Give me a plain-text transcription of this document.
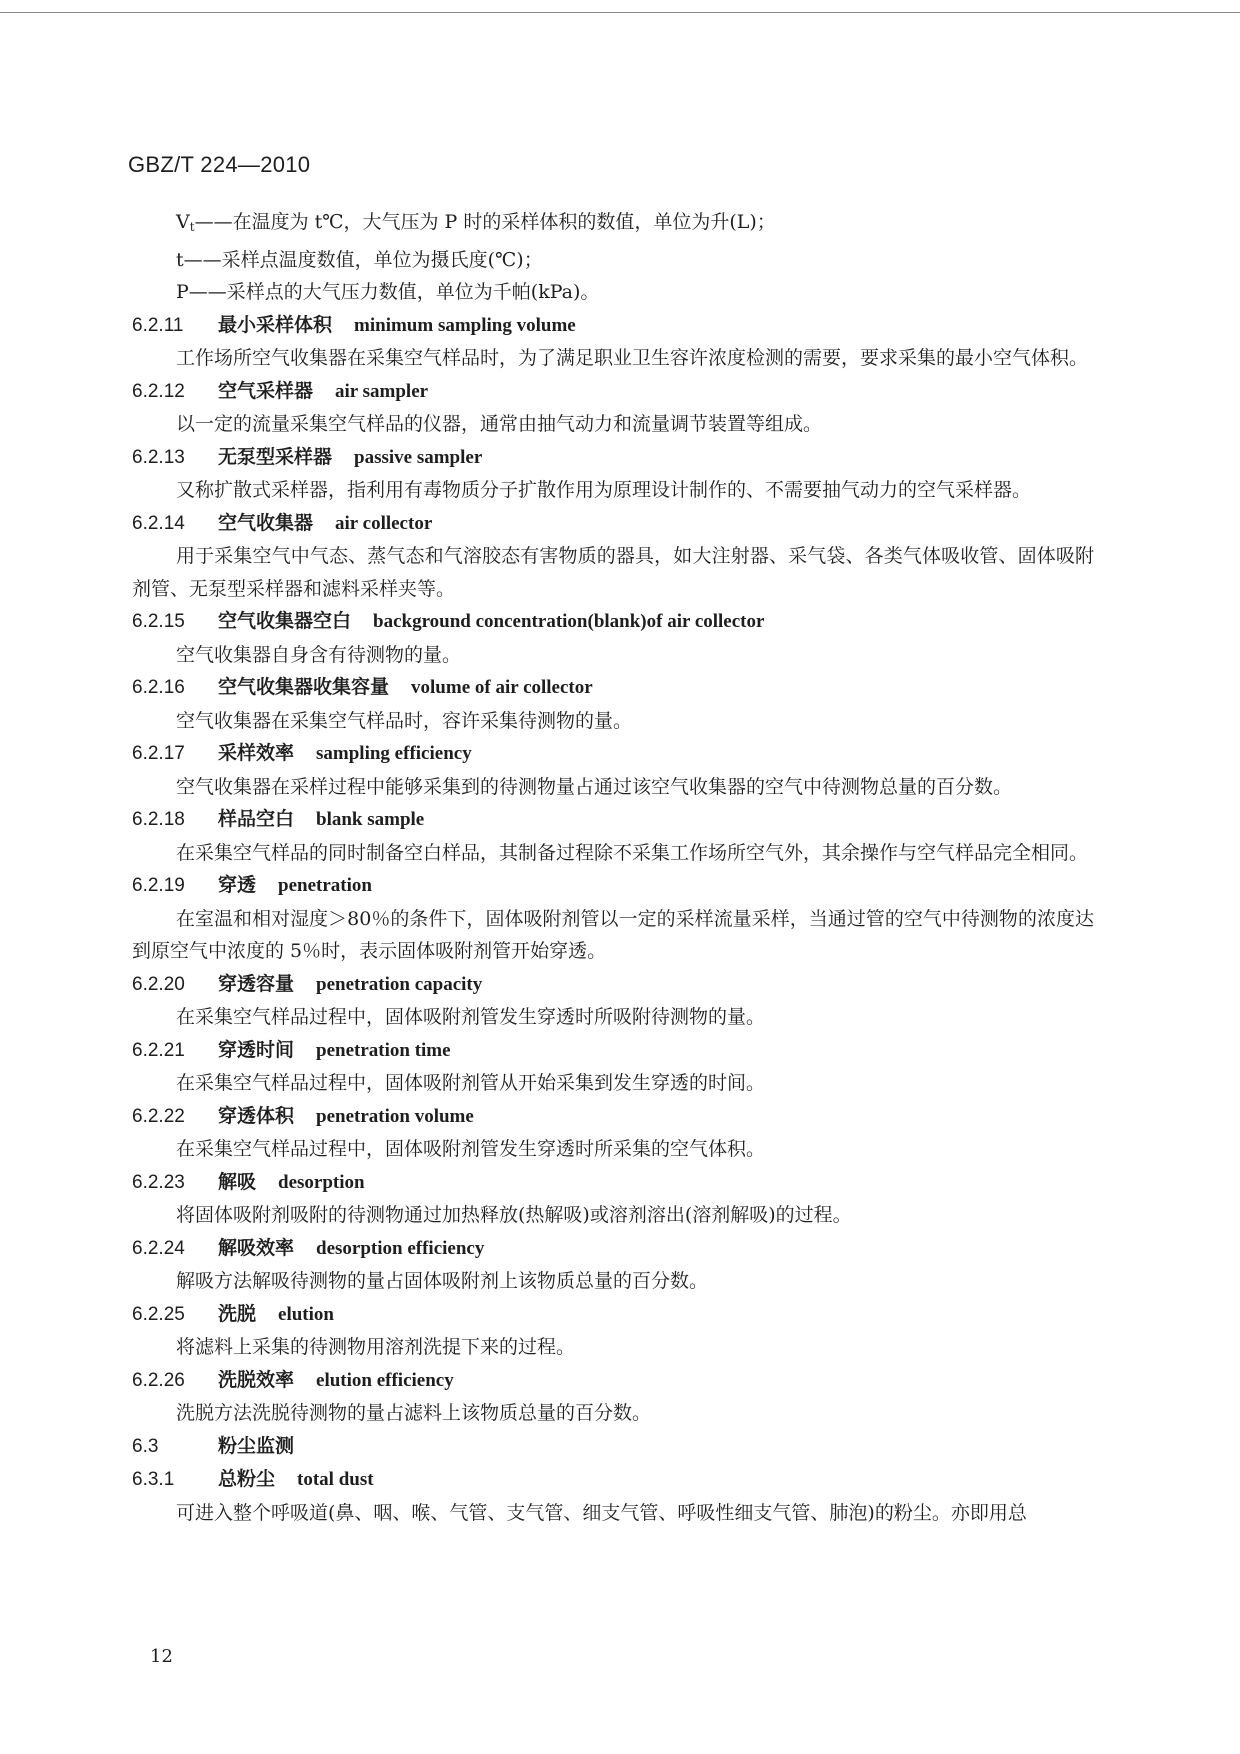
GBZ/T 224—2010
$V_t——$在温度为 t℃，大气压为 P 时的采样体积的数值，单位为升(L)；
t——采样点温度数值，单位为摄氏度(℃)；
P——采样点的大气压力数值，单位为千帕(kPa)。
6.2.11 最小采样体积 minimum sampling volume
工作场所空气收集器在采集空气样品时，为了满足职业卫生容许浓度检测的需要，要求采集的最小空气体积。
6.2.12 空气采样器 air sampler
以一定的流量采集空气样品的仪器，通常由抽气动力和流量调节装置等组成。
6.2.13 无泵型采样器 passive sampler
又称扩散式采样器，指利用有毒物质分子扩散作用为原理设计制作的、不需要抽气动力的空气采样器。
6.2.14 空气收集器 air collector
用于采集空气中气态、蒸气态和气溶胶态有害物质的器具，如大注射器、采气袋、各类气体吸收管、固体吸附剂管、无泵型采样器和滤料采样夹等。
6.2.15 空气收集器空白 background concentration(blank)of air collector
空气收集器自身含有待测物的量。
6.2.16 空气收集器收集容量 volume of air collector
空气收集器在采集空气样品时，容许采集待测物的量。
6.2.17 采样效率 sampling efficiency
空气收集器在采样过程中能够采集到的待测物量占通过该空气收集器的空气中待测物总量的百分数。
6.2.18 样品空白 blank sample
在采集空气样品的同时制备空白样品，其制备过程除不采集工作场所空气外，其余操作与空气样品完全相同。
6.2.19 穿透 penetration
在室温和相对湿度＞80％的条件下，固体吸附剂管以一定的采样流量采样，当通过管的空气中待测物的浓度达到原空气中浓度的 5％时，表示固体吸附剂管开始穿透。
6.2.20 穿透容量 penetration capacity
在采集空气样品过程中，固体吸附剂管发生穿透时所吸附待测物的量。
6.2.21 穿透时间 penetration time
在采集空气样品过程中，固体吸附剂管从开始采集到发生穿透的时间。
6.2.22 穿透体积 penetration volume
在采集空气样品过程中，固体吸附剂管发生穿透时所采集的空气体积。
6.2.23 解吸 desorption
将固体吸附剂吸附的待测物通过加热释放(热解吸)或溶剂溶出(溶剂解吸)的过程。
6.2.24 解吸效率 desorption efficiency
解吸方法解吸待测物的量占固体吸附剂上该物质总量的百分数。
6.2.25 洗脱 elution
将滤料上采集的待测物用溶剂洗提下来的过程。
6.2.26 洗脱效率 elution efficiency
洗脱方法洗脱待测物的量占滤料上该物质总量的百分数。
6.3	粉尘监测
6.3.1 总粉尘 total dust
可进入整个呼吸道(鼻、咽、喉、气管、支气管、细支气管、呼吸性细支气管、肺泡)的粉尘。亦即用总
12
